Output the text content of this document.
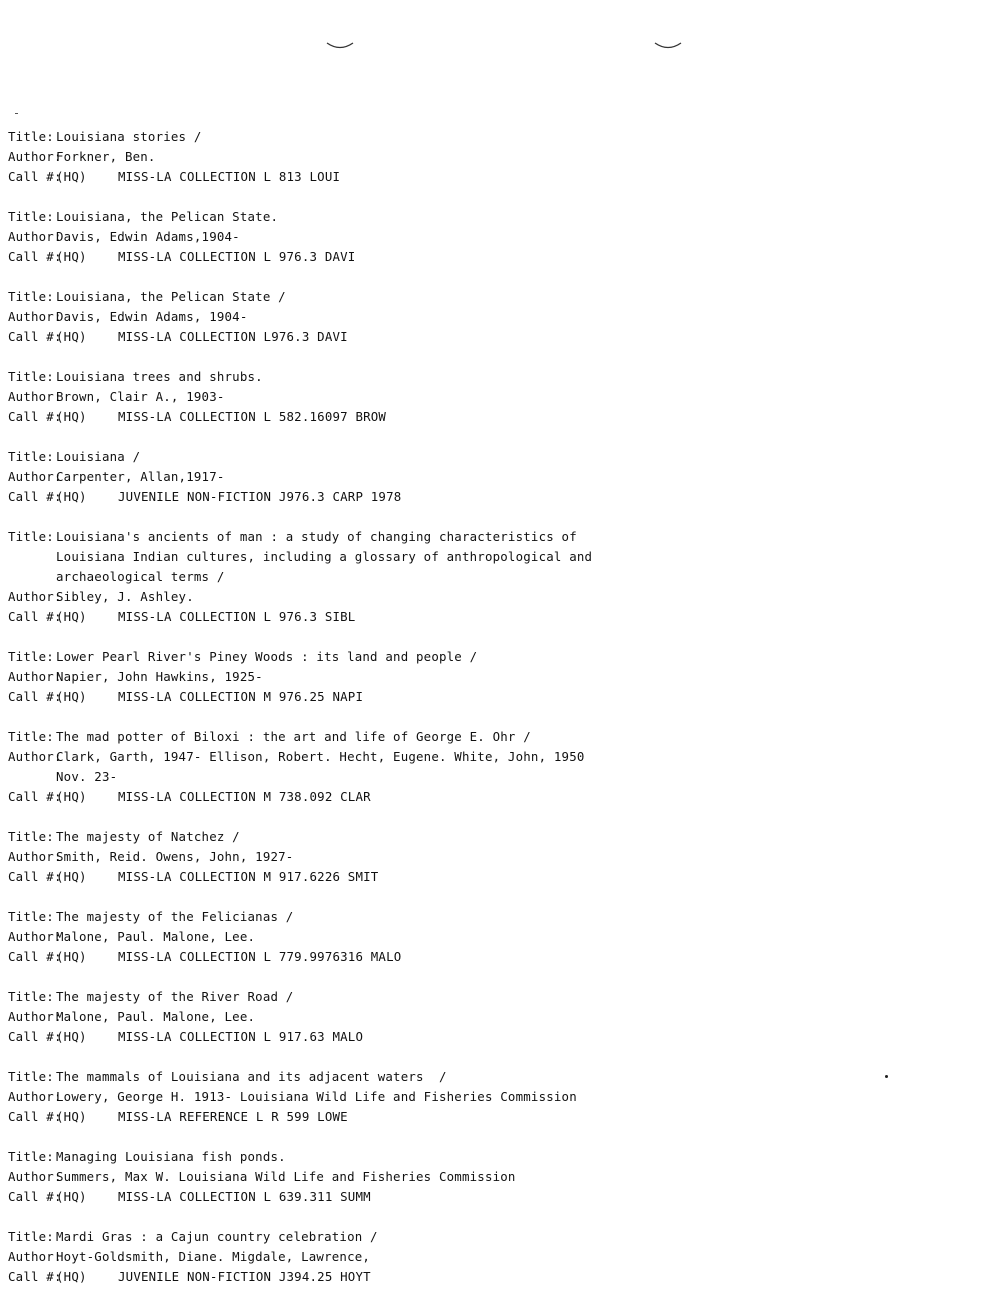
Title: Louisiana stories /
Author:
Forkner, Ben.
Call #:
(HQ)	MISS-LA COLLECTION L 813 LOUI
Title: Louisiana, the Pelican State.
Author:
Davis, Edwin Adams,1904-
Call #:
(HQ)	MISS-LA COLLECTION L 976.3 DAVI
Title: Louisiana, the Pelican State /
Author:
Davis, Edwin Adams, 1904-
Call #:
(HQ)	MISS-LA COLLECTION L976.3 DAVI
Title: Louisiana trees and shrubs.
Author:
Brown, Clair A., 1903-
Call #:
(HQ)	MISS-LA COLLECTION L 582.16097 BROW
Title: Louisiana /
Author:
Carpenter, Allan,1917-
Call #:
(HQ)	JUVENILE NON-FICTION J976.3 CARP 1978
Title: Louisiana's ancients of man : a study of changing characteristics of
Louisiana Indian cultures, including a glossary of anthropological and
archaeological terms /
Author:
Sibley, J. Ashley.
Call #:
(HQ)	MISS-LA COLLECTION L 976.3 SIBL
Title: Lower Pearl River's Piney Woods : its land and people /
Author:
Napier, John Hawkins, 1925-
Call #:
(HQ)	MISS-LA COLLECTION M 976.25 NAPI
Title: The mad potter of Biloxi : the art and life of George E. Ohr /
Author:
Clark, Garth, 1947- Ellison, Robert. Hecht, Eugene. White, John, 1950
Nov. 23-
Call #:
(HQ)	MISS-LA COLLECTION M 738.092 CLAR
Title: The majesty of Natchez /
Author:
Smith, Reid. Owens, John, 1927-
Call #:
(HQ)	MISS-LA COLLECTION M 917.6226 SMIT
Title: The majesty of the Felicianas /
Author:
Malone, Paul. Malone, Lee.
Call #:
(HQ)	MISS-LA COLLECTION L 779.9976316 MALO
Title: The majesty of the River Road /
Author:
Malone, Paul. Malone, Lee.
Call #:
(HQ)	MISS-LA COLLECTION L 917.63 MALO
Title: The mammals of Louisiana and its adjacent waters  /
Author:
Lowery, George H. 1913- Louisiana Wild Life and Fisheries Commission
Call #:
(HQ)	MISS-LA REFERENCE L R 599 LOWE
Title: Managing Louisiana fish ponds.
Author:
Summers, Max W. Louisiana Wild Life and Fisheries Commission
Call #:
(HQ)	MISS-LA COLLECTION L 639.311 SUMM
Title: Mardi Gras : a Cajun country celebration /
Author:
Hoyt-Goldsmith, Diane. Migdale, Lawrence,
Call #:
(HQ)	JUVENILE NON-FICTION J394.25 HOYT
